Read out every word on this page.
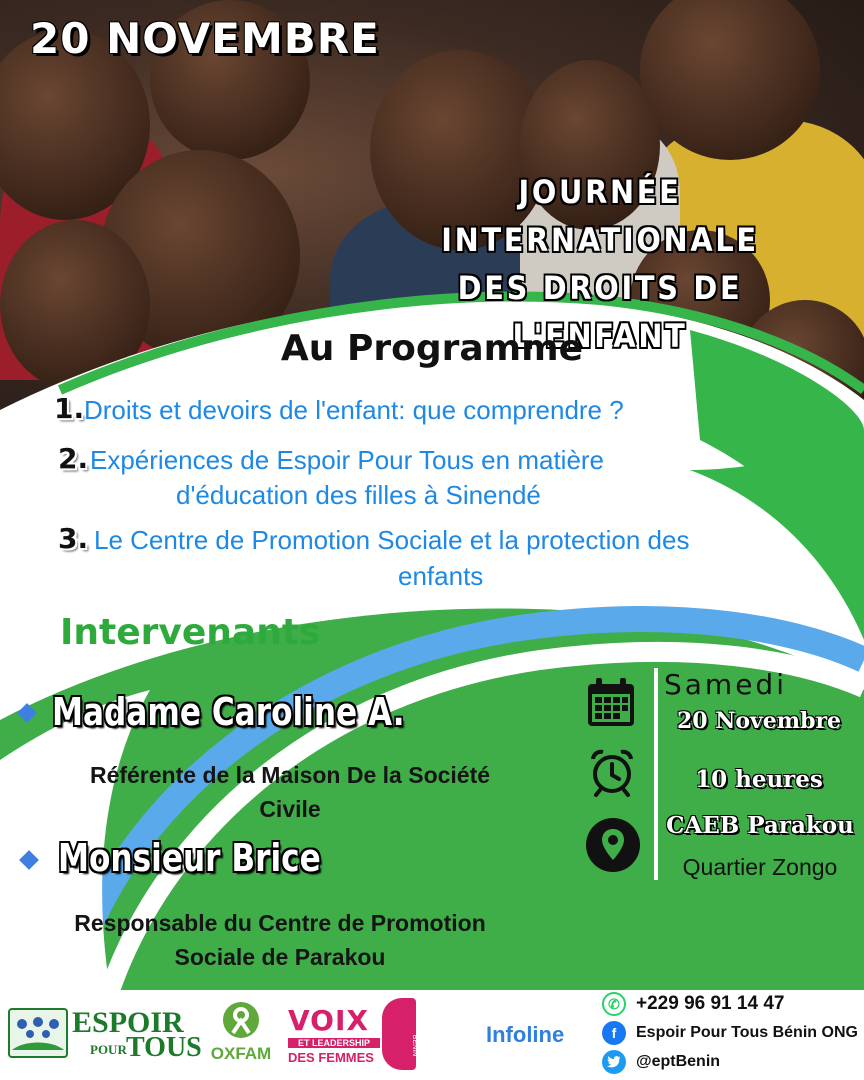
20 NOVEMBRE
JOURNÉE INTERNATIONALE
DES DROITS DE L'ENFANT
Au Programme
1. Droits et devoirs de l'enfant: que comprendre ?
2. Expériences de Espoir Pour Tous en matière
d'éducation des filles à Sinendé
3. Le Centre de Promotion Sociale et la protection des
enfants
Intervenants
Madame Caroline A.
Référente de la Maison De la Société
Civile
Monsieur Brice
Responsable du Centre de Promotion
Sociale de Parakou
Samedi
20 Novembre
10 heures
CAEB Parakou
Quartier Zongo
ESPOIR
POUR TOUS OXFAM
VOIX
ET LEADERSHIP
DES FEMMES
BÉNIN	Infoline
✆ +229 96 91 14 47
f	Espoir Pour Tous Bénin ONG
@eptBenin
